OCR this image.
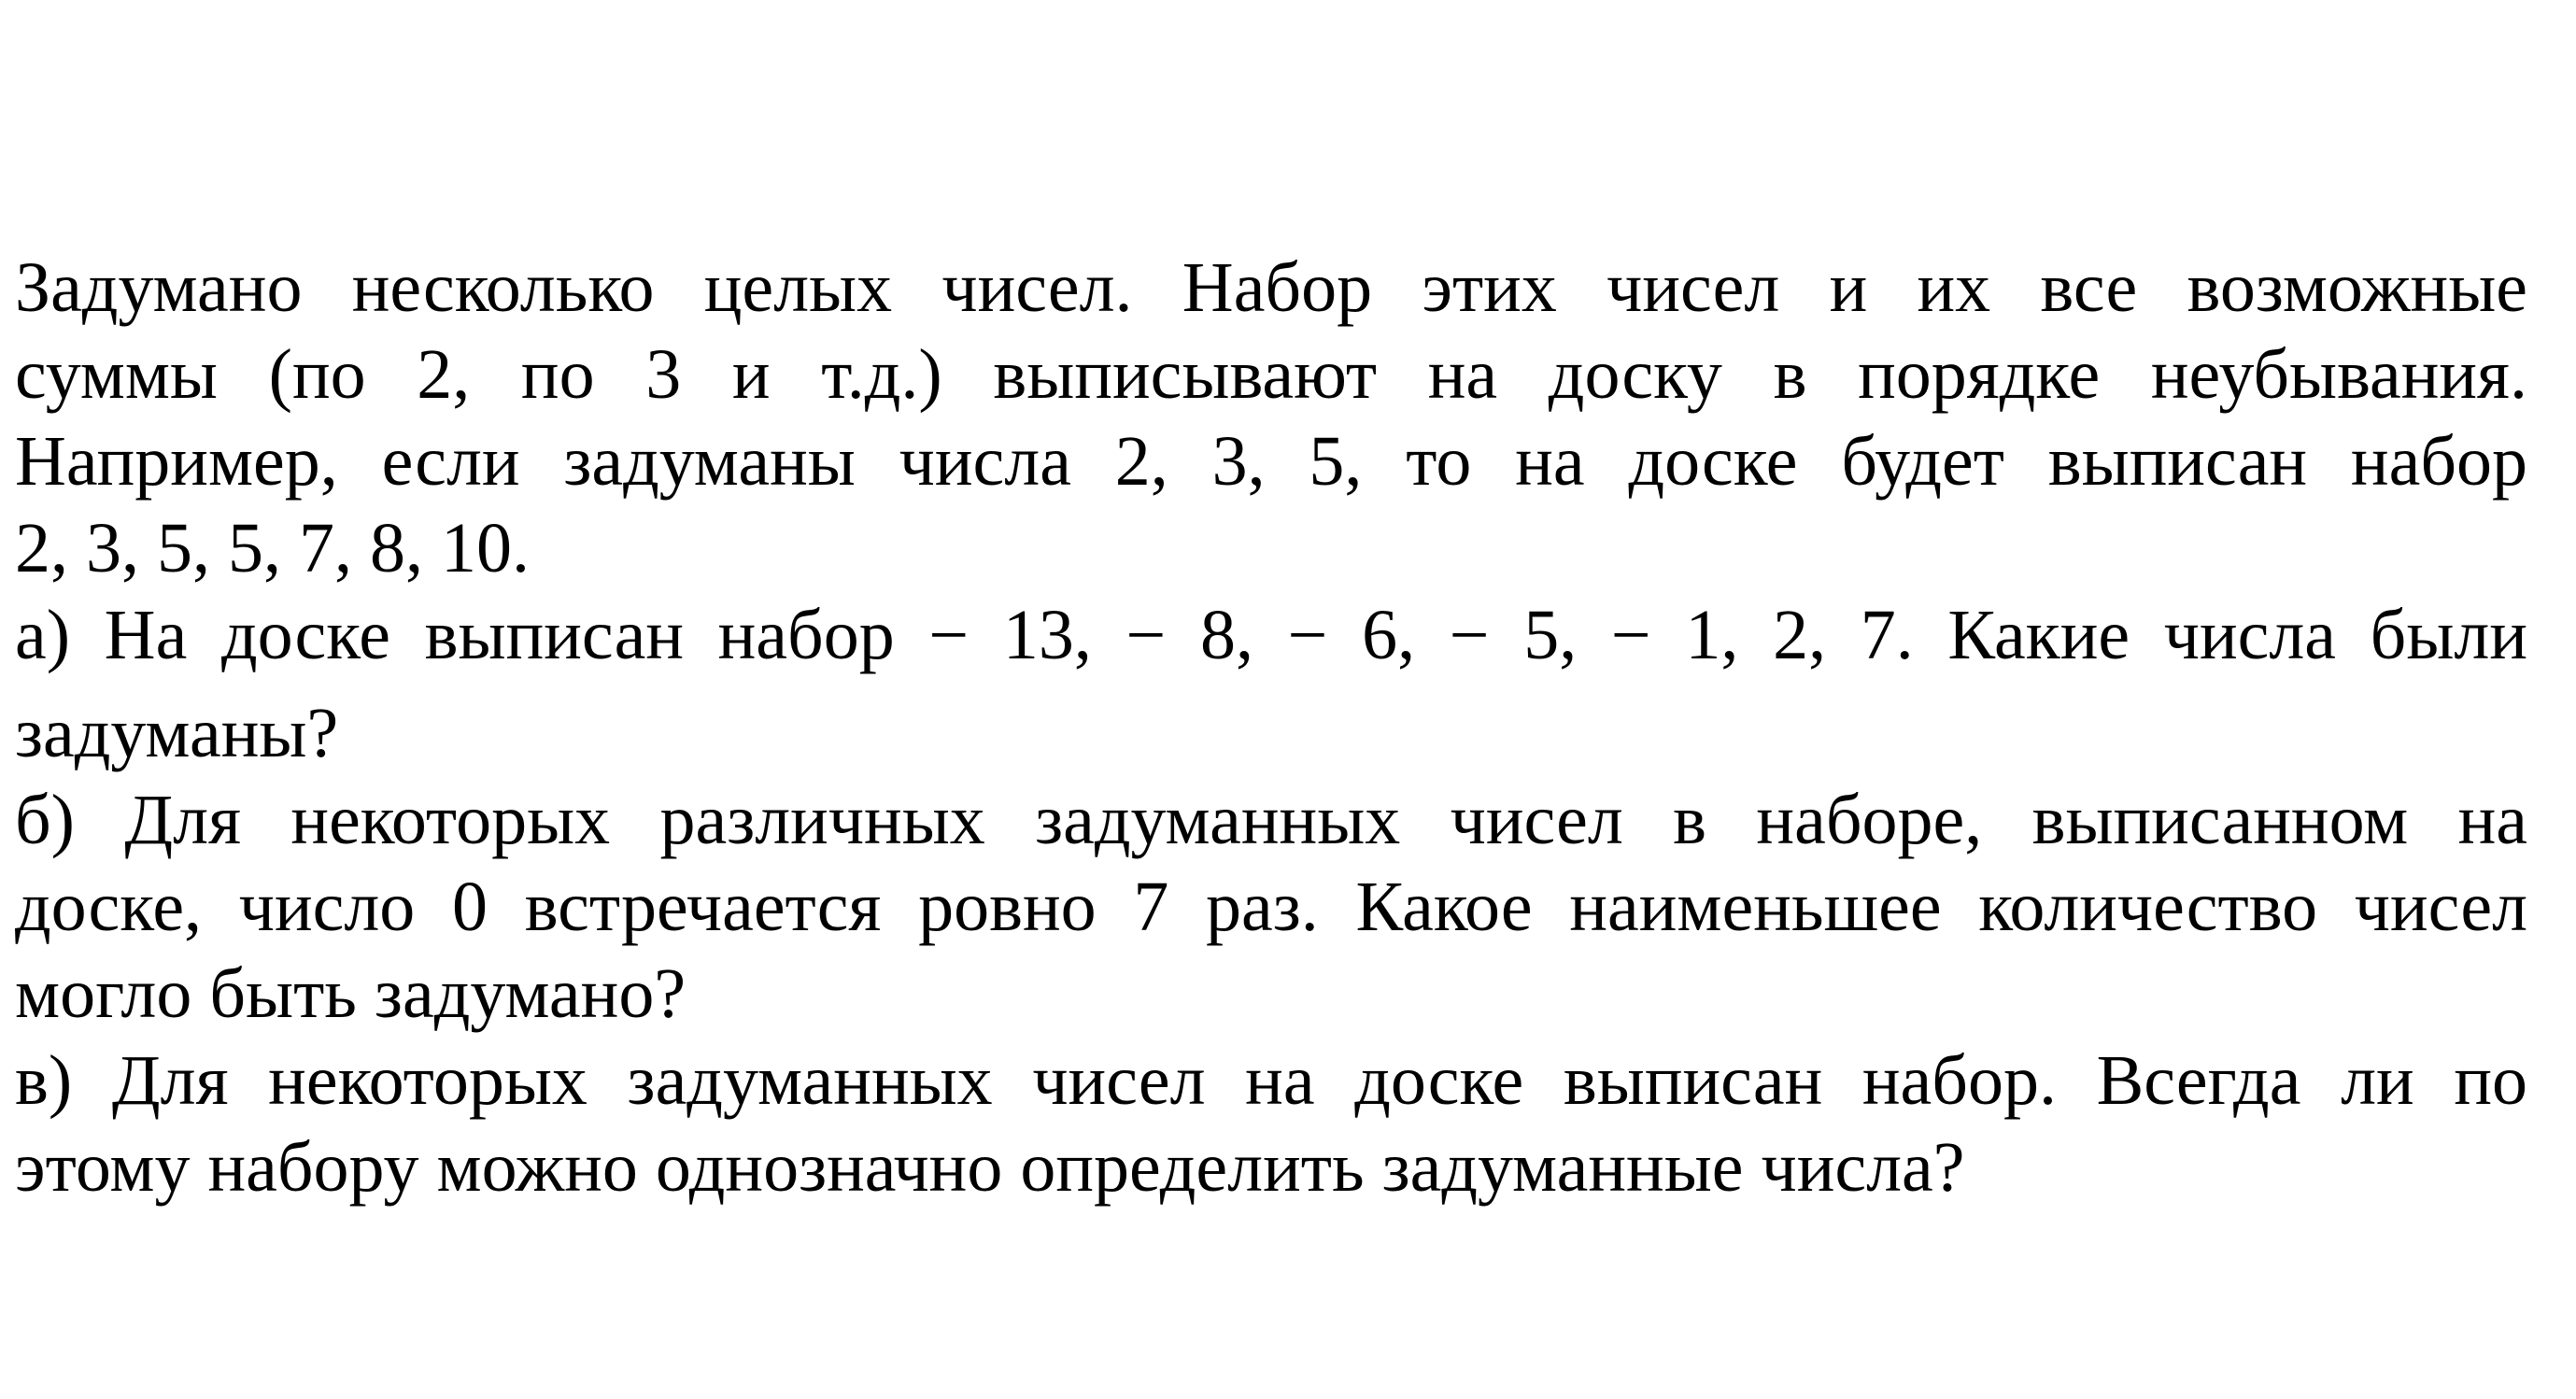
Задумано несколько целых чисел. Набор этих чисел и их все возможные
суммы (по 2, по 3 и т.д.) выписывают на доску в порядке неубывания.
Например, если задуманы числа 2, 3, 5, то на доске будет выписан набор
2, 3, 5, 5, 7, 8, 10.
а) На доске выписан набор − 13, − 8, − 6, − 5, − 1, 2, 7. Какие числа были
задуманы?
б) Для некоторых различных задуманных чисел в наборе, выписанном на
доске, число 0 встречается ровно 7 раз. Какое наименьшее количество чисел
могло быть задумано?
в) Для некоторых задуманных чисел на доске выписан набор. Всегда ли по
этому набору можно однозначно определить задуманные числа?
